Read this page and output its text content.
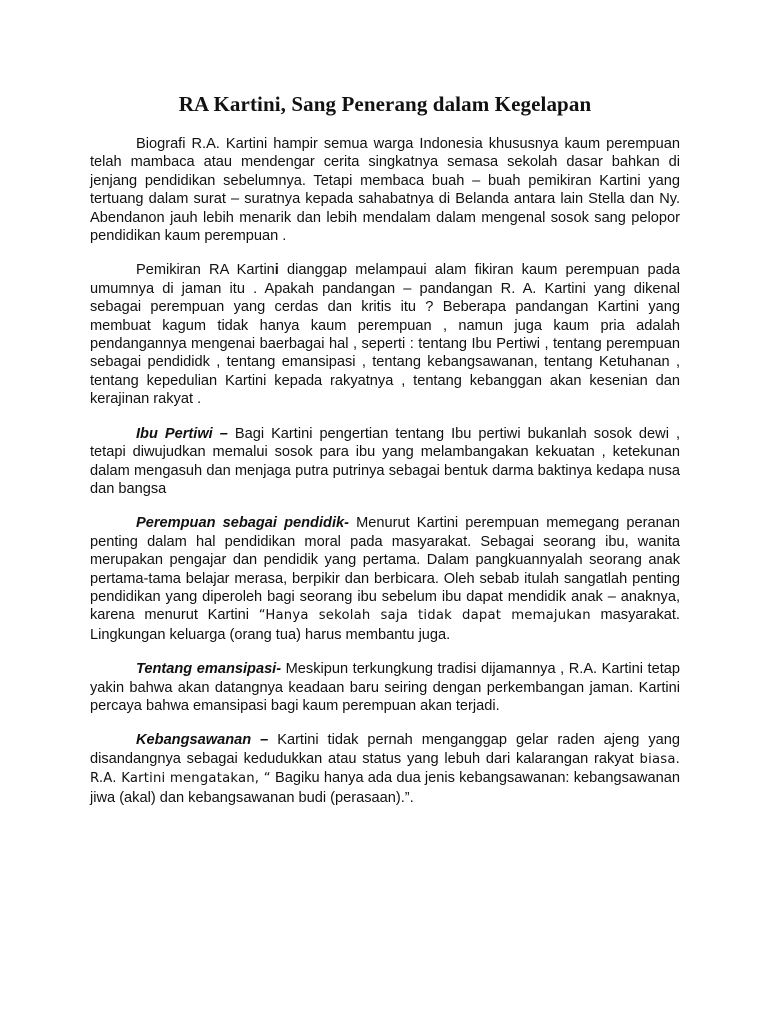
RA Kartini, Sang Penerang dalam Kegelapan

Biografi R.A. Kartini hampir semua warga Indonesia khususnya kaum perempuan telah mambaca atau mendengar cerita singkatnya semasa sekolah dasar bahkan di jenjang pendidikan sebelumnya. Tetapi membaca buah – buah pemikiran Kartini yang tertuang dalam surat – suratnya kepada sahabatnya di Belanda antara lain Stella dan Ny. Abendanon jauh lebih menarik dan lebih mendalam dalam mengenal sosok sang pelopor pendidikan kaum perempuan .

Pemikiran RA Kartini dianggap melampaui alam fikiran kaum perempuan pada umumnya di jaman itu . Apakah pandangan – pandangan R. A. Kartini yang dikenal sebagai perempuan yang cerdas dan kritis itu ? Beberapa pandangan Kartini yang membuat kagum tidak hanya kaum perempuan , namun juga kaum pria adalah pendangannya mengenai baerbagai hal , seperti : tentang Ibu Pertiwi , tentang perempuan sebagai pendididk , tentang emansipasi , tentang kebangsawanan, tentang Ketuhanan , tentang kepedulian Kartini kepada rakyatnya , tentang kebanggan akan kesenian dan kerajinan rakyat .

Ibu Pertiwi – Bagi Kartini pengertian tentang Ibu pertiwi bukanlah sosok dewi , tetapi diwujudkan memalui sosok para ibu yang melambangakan kekuatan , ketekunan dalam mengasuh dan menjaga putra putrinya sebagai bentuk darma baktinya kedapa nusa dan bangsa

Perempuan sebagai pendidik- Menurut Kartini perempuan memegang peranan penting dalam hal pendidikan moral pada masyarakat. Sebagai seorang ibu, wanita merupakan pengajar dan pendidik yang pertama. Dalam pangkuannyalah seorang anak pertama-tama belajar merasa, berpikir dan berbicara. Oleh sebab itulah sangatlah penting pendidikan yang diperoleh bagi seorang ibu sebelum ibu dapat mendidik anak – anaknya, karena menurut Kartini “Hanya sekolah saja tidak dapat memajukan masyarakat. Lingkungan keluarga (orang tua) harus membantu juga.

Tentang emansipasi- Meskipun terkungkung tradisi dijamannya , R.A. Kartini tetap yakin bahwa akan datangnya keadaan baru seiring dengan perkembangan jaman. Kartini percaya bahwa emansipasi bagi kaum perempuan akan terjadi.

Kebangsawanan – Kartini tidak pernah menganggap gelar raden ajeng yang disandangnya sebagai kedudukkan atau status yang lebuh dari kalarangan rakyat biasa. R.A. Kartini mengatakan, “ Bagiku hanya ada dua jenis kebangsawanan: kebangsawanan jiwa (akal) dan kebangsawanan budi (perasaan).”.
